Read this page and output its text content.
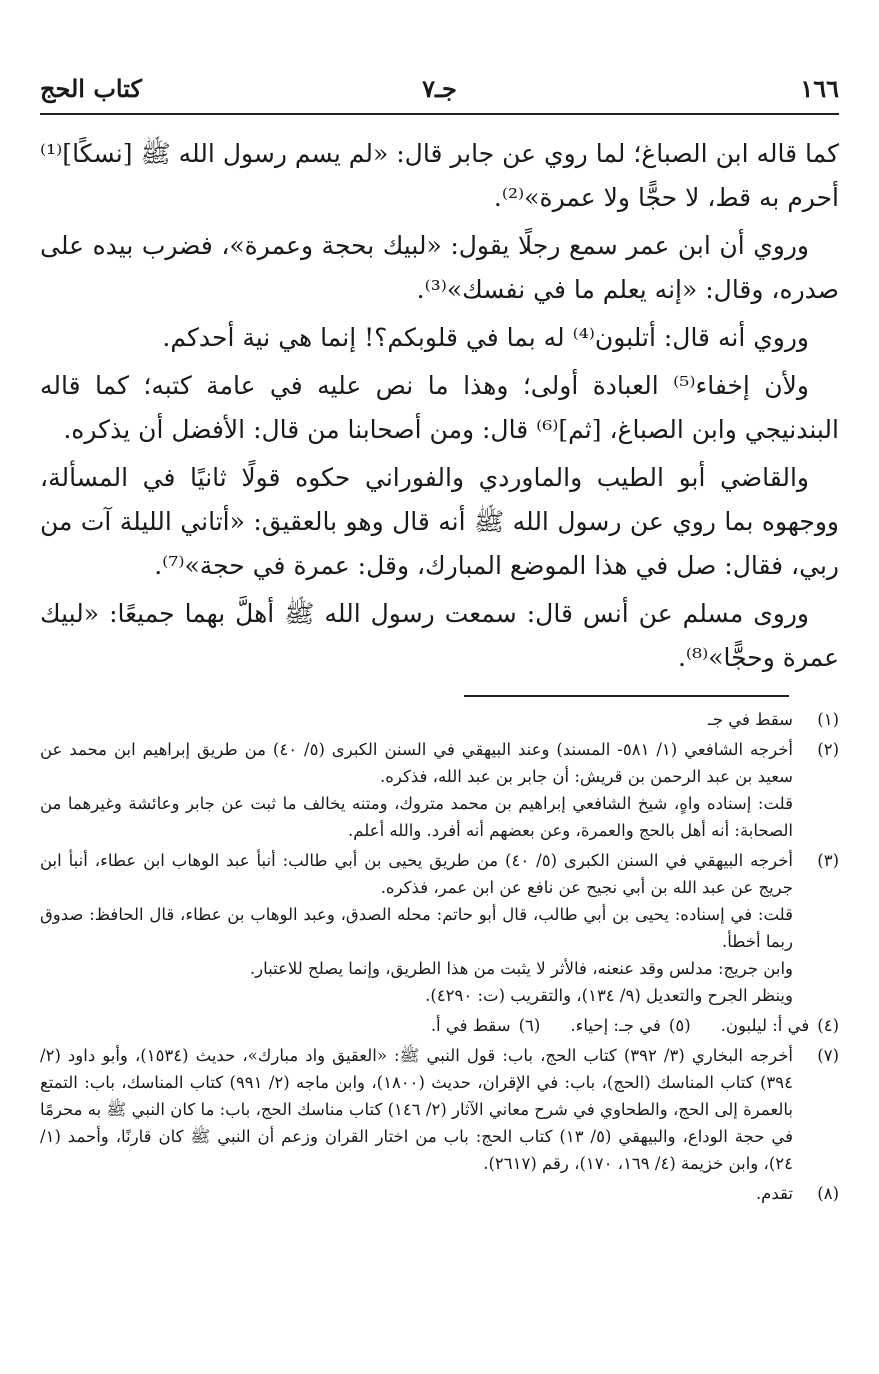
١٦٦
جـ٧
كتاب الحج

كما قاله ابن الصباغ؛ لما روي عن جابر قال: «لم يسم رسول الله ﷺ [نسكًا]⁽¹⁾ أحرم به قط، لا حجًّا ولا عمرة»⁽²⁾.

وروي أن ابن عمر سمع رجلًا يقول: «لبيك بحجة وعمرة»، فضرب بيده على صدره، وقال: «إنه يعلم ما في نفسك»⁽³⁾.

وروي أنه قال: أتلبون⁽⁴⁾ له بما في قلوبكم؟! إنما هي نية أحدكم.

ولأن إخفاء⁽⁵⁾ العبادة أولى؛ وهذا ما نص عليه في عامة كتبه؛ كما قاله البندنيجي وابن الصباغ، [ثم]⁽⁶⁾ قال: ومن أصحابنا من قال: الأفضل أن يذكره.

والقاضي أبو الطيب والماوردي والفوراني حكوه قولًا ثانيًا في المسألة، ووجهوه بما روي عن رسول الله ﷺ أنه قال وهو بالعقيق: «أتاني الليلة آت من ربي، فقال: صل في هذا الموضع المبارك، وقل: عمرة في حجة»⁽⁷⁾.

وروى مسلم عن أنس قال: سمعت رسول الله ﷺ أهلَّ بهما جميعًا: «لبيك عمرة وحجًّا»⁽⁸⁾.

(١)
سقط في جـ
(٢)
أخرجه الشافعي (١/ ٥٨١- المسند) وعند البيهقي في السنن الكبرى (٥/ ٤٠) من طريق إبراهيم ابن محمد عن سعيد بن عبد الرحمن بن قريش: أن جابر بن عبد الله، فذكره.
قلت: إسناده واهٍ، شيخ الشافعي إبراهيم بن محمد متروك، ومتنه يخالف ما ثبت عن جابر وعائشة وغيرهما من الصحابة: أنه أهل بالحج والعمرة، وعن بعضهم أنه أفرد. والله أعلم.
(٣)
أخرجه البيهقي في السنن الكبرى (٥/ ٤٠) من طريق يحيى بن أبي طالب: أنبأ عبد الوهاب ابن عطاء، أنبأ ابن جريج عن عبد الله بن أبي نجيح عن نافع عن ابن عمر، فذكره.
قلت: في إسناده: يحيى بن أبي طالب، قال أبو حاتم: محله الصدق، وعبد الوهاب بن عطاء، قال الحافظ: صدوق ربما أخطأ.
وابن جريج: مدلس وقد عنعنه، فالأثر لا يثبت من هذا الطريق، وإنما يصلح للاعتبار.
وينظر الجرح والتعديل (٩/ ١٣٤)، والتقريب (ت: ٤٢٩٠).
(٤)
في أ: ليلبون.
(٥)
في جـ: إحياء.
(٦)
سقط في أ.
(٧)
أخرجه البخاري (٣/ ٣٩٢) كتاب الحج، باب: قول النبي ﷺ: «العقيق واد مبارك»، حديث (١٥٣٤)، وأبو داود (٢/ ٣٩٤) كتاب المناسك (الحج)، باب: في الإقران، حديث (١٨٠٠)، وابن ماجه (٢/ ٩٩١) كتاب المناسك، باب: التمتع بالعمرة إلى الحج، والطحاوي في شرح معاني الآثار (٢/ ١٤٦) كتاب مناسك الحج، باب: ما كان النبي ﷺ به محرمًا في حجة الوداع، والبيهقي (٥/ ١٣) كتاب الحج: باب من اختار القران وزعم أن النبي ﷺ كان قارنًا، وأحمد (١/ ٢٤)، وابن خزيمة (٤/ ١٦٩، ١٧٠)، رقم (٢٦١٧).
(٨)
تقدم.
